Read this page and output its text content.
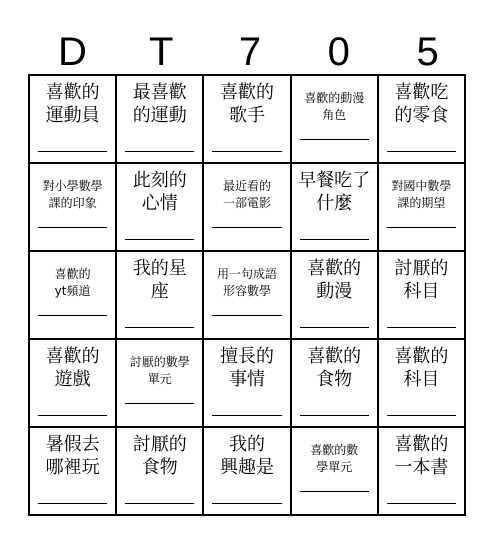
D	T	7	0	5
喜歡的
運動員
最喜歡
的運動
喜歡的
歌手
喜歡的動漫
角色
喜歡吃
的零食
對小學數學
課的印象
此刻的
心情
最近看的
一部電影
早餐吃了
什麼
對國中數學
課的期望
喜歡的
yt頻道
我的星
座
用一句成語
形容數學
喜歡的
動漫
討厭的
科目
喜歡的
遊戲
討厭的數學
單元
擅長的
事情
喜歡的
食物
喜歡的
科目
暑假去
哪裡玩
討厭的
食物
我的
興趣是
喜歡的數
學單元
喜歡的
一本書
